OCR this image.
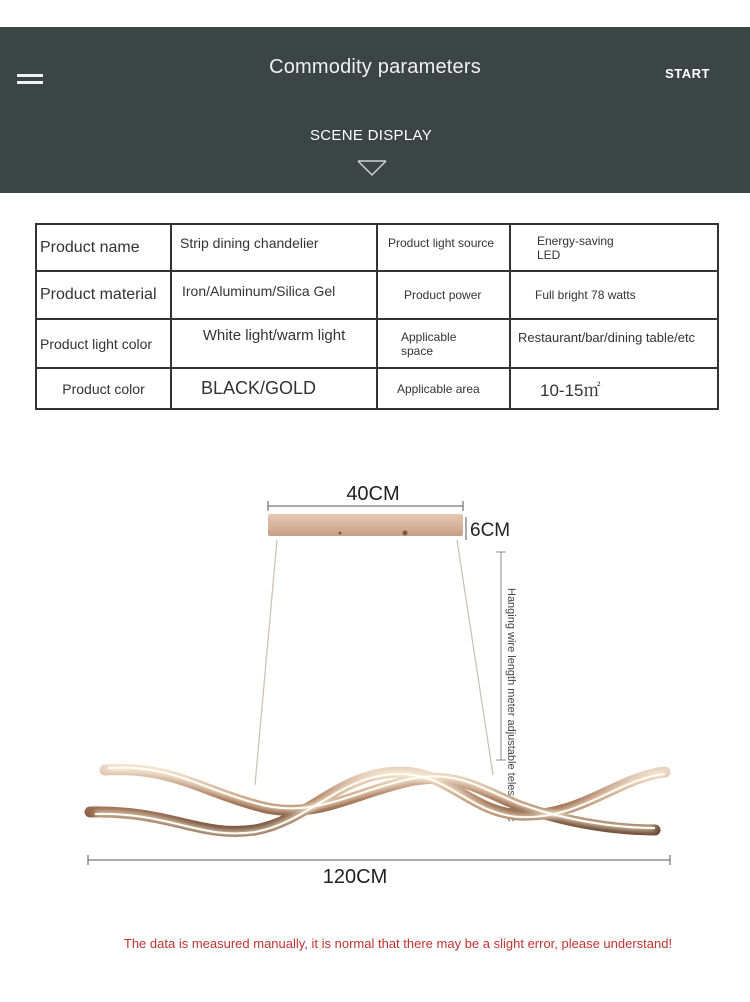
Commodity parameters	START
SCENE DISPLAY
Product name	Strip dining chandelier	Product light source	Energy-saving LED
Product material	Iron/Aluminum/Silica Gel	Product power	Full bright 78 watts
Product light color	White light/warm light	Applicable space	Restaurant/bar/dining table/etc
Product color	BLACK/GOLD	Applicable area	10-15㎡
40CM
6CM
Hanging wire length meter adjustable telescopic
120CM
The data is measured manually, it is normal that there may be a slight error, please understand!
